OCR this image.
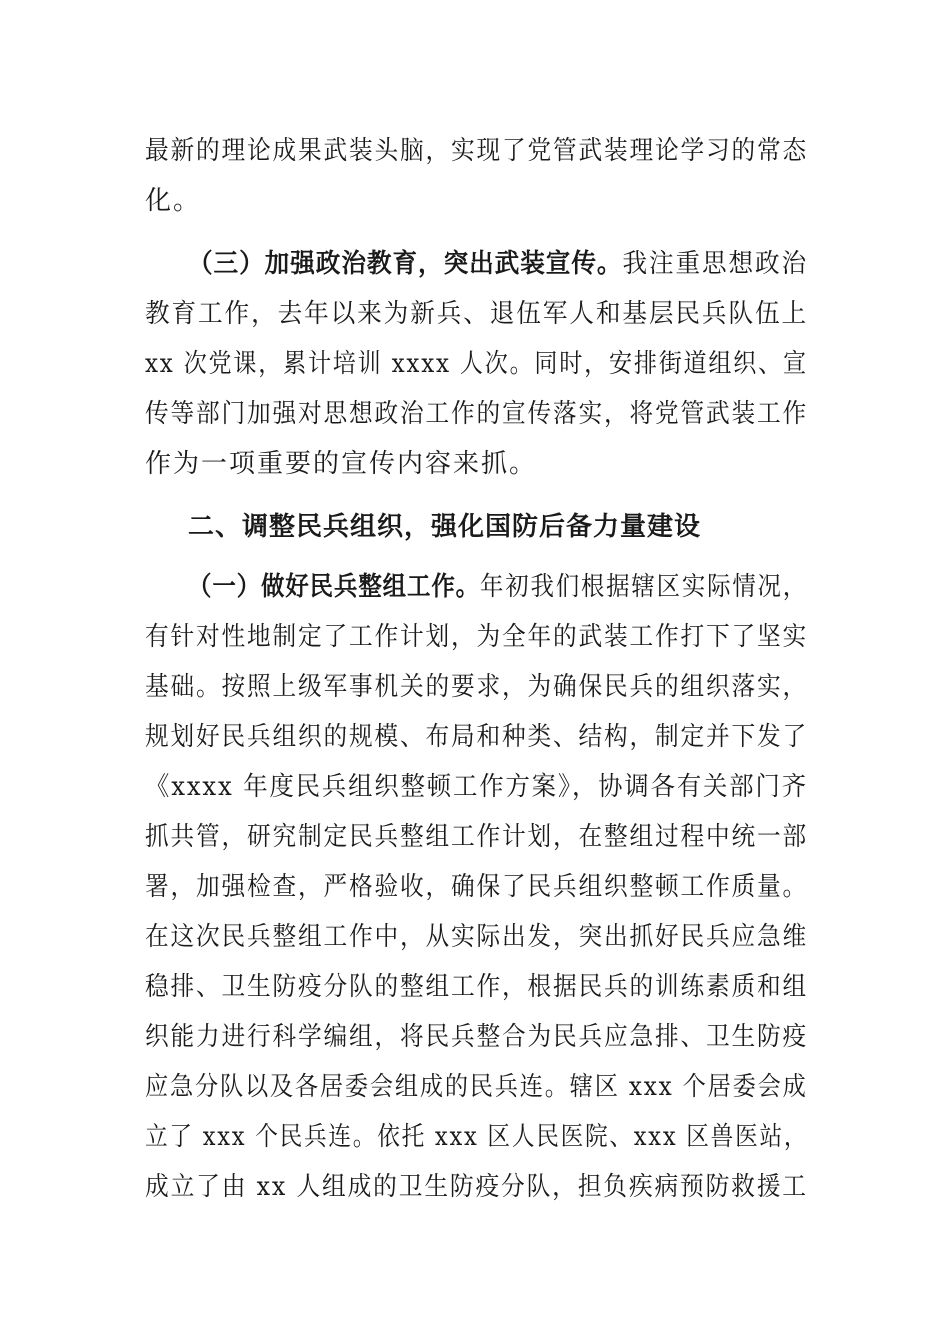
最新的理论成果武装头脑，实现了党管武装理论学习的常态
化。
（三）加强政治教育，突出武装宣传。我注重思想政治
教育工作，去年以来为新兵、退伍军人和基层民兵队伍上
xx 次党课，累计培训 xxxx 人次。同时，安排街道组织、宣
传等部门加强对思想政治工作的宣传落实，将党管武装工作
作为一项重要的宣传内容来抓。
二、调整民兵组织，强化国防后备力量建设
（一）做好民兵整组工作。年初我们根据辖区实际情况，
有针对性地制定了工作计划，为全年的武装工作打下了坚实
基础。按照上级军事机关的要求，为确保民兵的组织落实，
规划好民兵组织的规模、布局和种类、结构，制定并下发了
《xxxx 年度民兵组织整顿工作方案》，协调各有关部门齐
抓共管，研究制定民兵整组工作计划，在整组过程中统一部
署，加强检查，严格验收，确保了民兵组织整顿工作质量。
在这次民兵整组工作中，从实际出发，突出抓好民兵应急维
稳排、卫生防疫分队的整组工作，根据民兵的训练素质和组
织能力进行科学编组，将民兵整合为民兵应急排、卫生防疫
应急分队以及各居委会组成的民兵连。辖区 xxx 个居委会成
立了 xxx 个民兵连。依托 xxx 区人民医院、xxx 区兽医站，
成立了由 xx 人组成的卫生防疫分队，担负疾病预防救援工
